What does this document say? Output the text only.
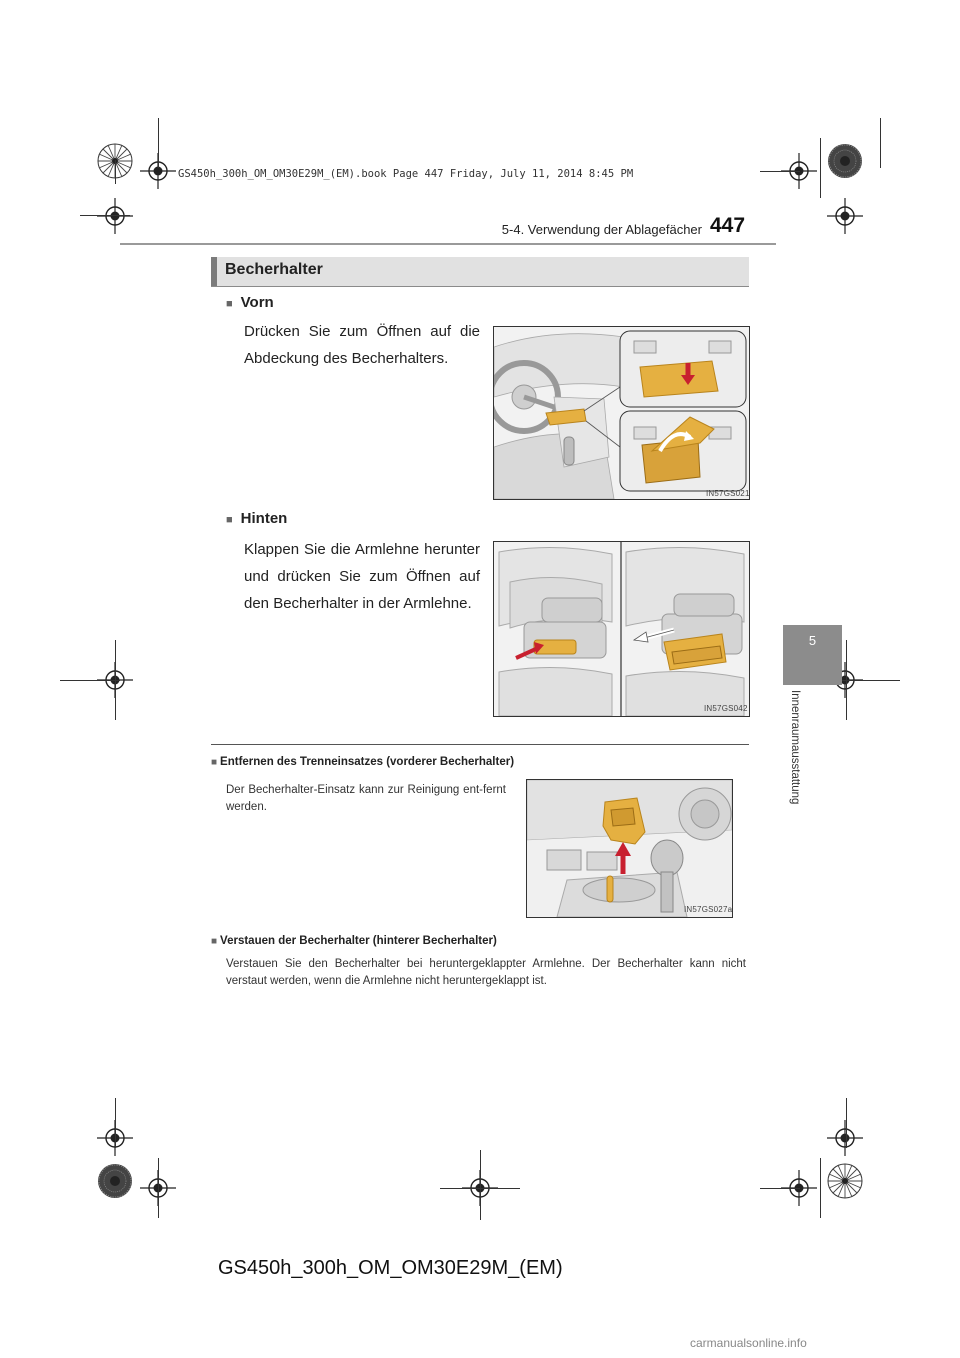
GS450h_300h_OM_OM30E29M_(EM).book Page 447 Friday, July 11, 2014 8:45 PM
5-4. Verwendung der Ablagefächer 447
5
Innenraumausstattung
Becherhalter
■ Vorn
Drücken Sie zum Öffnen auf die Abdeckung des Becherhalters.
IN57GS021
■ Hinten
Klappen Sie die Armlehne herunter und drücken Sie zum Öffnen auf den Becherhalter in der Armlehne.
IN57GS042
■ Entfernen des Trenneinsatzes (vorderer Becherhalter)
Der Becherhalter-Einsatz kann zur Reinigung ent-fernt werden.
IN57GS027a
■ Verstauen der Becherhalter (hinterer Becherhalter)
Verstauen Sie den Becherhalter bei heruntergeklappter Armlehne. Der Becherhalter kann nicht verstaut werden, wenn die Armlehne nicht heruntergeklappt ist.
GS450h_300h_OM_OM30E29M_(EM)
carmanualsonline.info
